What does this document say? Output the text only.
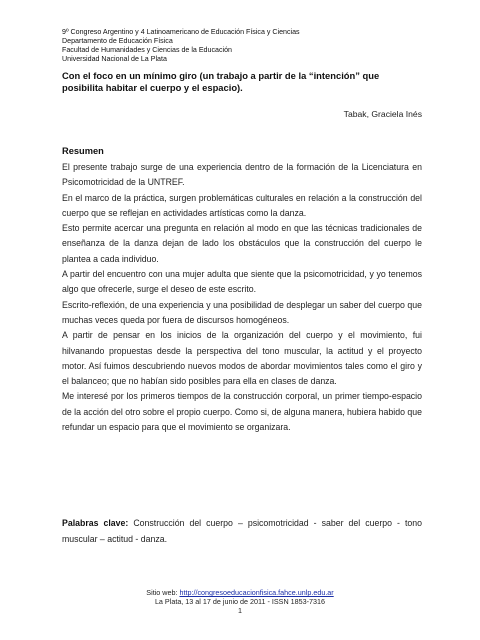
9º Congreso Argentino y 4 Latinoamericano de Educación Física y Ciencias
Departamento de Educación Física
Facultad de Humanidades y Ciencias de la Educación
Universidad Nacional de La Plata
Con el foco en un mínimo giro (un trabajo a partir de la “intención” que posibilita habitar el cuerpo y el espacio).
Tabak, Graciela Inés
Resumen

El presente trabajo surge de una experiencia dentro de la formación de la Licenciatura en Psicomotricidad de la UNTREF.

En el marco de la práctica, surgen problemáticas culturales en relación a la construcción del cuerpo que se reflejan en actividades artísticas como la danza.

Esto permite acercar una pregunta en relación al modo en que las técnicas tradicionales de enseñanza de la danza dejan de lado los obstáculos que la construcción del cuerpo le plantea a cada individuo.

A partir del encuentro con una mujer adulta que siente que la psicomotricidad, y yo tenemos algo que ofrecerle, surge el deseo de este escrito.

Escrito-reflexión, de una experiencia y una posibilidad de desplegar un saber del cuerpo que muchas veces queda por fuera de discursos homogéneos.

A partir de pensar en los inicios de la organización del cuerpo y el movimiento, fui hilvanando propuestas desde la perspectiva del tono muscular, la actitud y el proyecto motor. Así fuimos descubriendo nuevos modos de abordar movimientos tales como el giro y el balanceo; que no habían sido posibles para ella en clases de danza.

Me interesé por los primeros tiempos de la construcción corporal, un primer tiempo-espacio de la acción del otro sobre el propio cuerpo. Como si, de alguna manera, hubiera habido que refundar un espacio para que el movimiento se organizara.

Palabras clave: Construcción del cuerpo – psicomotricidad - saber del cuerpo - tono muscular – actitud - danza.
Sitio web: http://congresoeducacionfisica.fahce.unlp.edu.ar
La Plata, 13 al 17 de junio de 2011 - ISSN 1853-7316
1
